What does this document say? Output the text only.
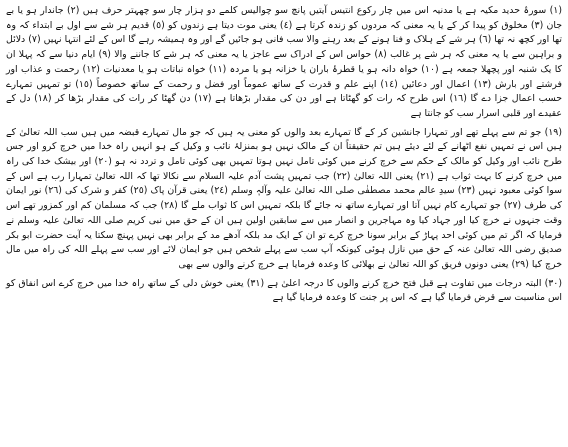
(١) سورۂ حدید مکیہ ہے یا مدنیہ اس میں چار رکوع انتیس آیتیں پانچ سو چوالیس کلمے دو ہزار چار سو چھہتر حرف ہیں (٢) جاندار ہو یا بے جان (٣) مخلوق کو پیدا کر کے یا یہ معنی کہ مردوں کو زندہ کرتا ہے (٤) یعنی موت دیتا ہے زندوں کو (٥) قدیم ہر شے سے اول بے ابتداء کہ وہ تھا اور کچھ نہ تھا (٦) ہر شے کے ہلاک و فنا ہونے کے بعد رہنے والا سب فانی ہو جائیں گے اور وہ ہمیشہ رہے گا اس کے لئے انتہا نہیں (٧) دلائل و براہین سے یا یہ معنی کہ ہر شے پر غالب (٨) حواس اس کے ادراک سے عاجز یا یہ معنی کہ ہر شے کا جاننے والا (٩) ایام دنیا سے کہ پہلا ان کا یک شنبہ اور پچھلا جمعہ ہے (١٠) خواہ دانہ ہو یا قطرۂ باران یا خزانہ ہو یا مردہ (١١) خواہ نباتات ہو یا معدنیات (١٢) رحمت و عذاب اور فرشتے اور بارش (١٣) اعمال اور دعائیں (١٤) اپنے علم و قدرت کے ساتھ عموماً اور فضل و رحمت کے ساتھ خصوصاً (١٥) تو تمہیں تمہارے حسب اعمال جزا دے گا (١٦) اس طرح کہ رات کو گھٹاتا ہے اور دن کی مقدار بڑھاتا ہے (١٧) دن گھٹا کر رات کی مقدار بڑھا کر (١٨) دل کے عقیدے اور قلبی اسرار سب کو جانتا ہے

(١٩) جو تم سے پہلے تھے اور تمہارا جانشین کر کے گا تمہارے بعد والوں کو معنی یہ ہیں کہ جو مال تمہارے قبضہ میں ہیں سب اللہ تعالیٰ کے ہیں اس نے تمہیں نفع اٹھانے کے لئے دیئے ہیں تم حقیقتاً ان کے مالک نہیں ہو بمنزلۂ نائب و وکیل کے ہو انہیں راہ خدا میں خرچ کرو اور جس طرح نائب اور وکیل کو مالک کے حکم سے خرچ کرنے میں کوئی تامل نہیں ہوتا تمہیں بھی کوئی تامل و تردد نہ ہو (٢٠) اور بیشک خدا کی راہ میں خرچ کرنے کا بہت ثواب ہے (٢١) یعنی اللہ تعالیٰ (٢٢) جب تمہیں پشت آدم علیہ السلام سے نکالا تھا کہ اللہ تعالیٰ تمہارا رب ہے اس کے سوا کوئی معبود نہیں (٢٣) سیدِ عالم محمد مصطفٰی صلی اللہ تعالیٰ علیہ وآلہٖ وسلم (٢٤) یعنی قرآن پاک (٢٥) کفر و شرک کی (٢٦) نور ایمان کی طرف (٢٧) جو تمہارے کام نہیں آتا اور تمہارے ساتھ نہ جائے گا بلکہ تمہیں اس کا ثواب ملے گا (٢٨) جب کہ مسلمان کم اور کمزور تھے اس وقت جنہوں نے خرچ کیا اور جہاد کیا وہ مہاجرین و انصار میں سے سابقین اولین ہیں ان کے حق میں نبی کریم صلی اللہ تعالیٰ علیہ وسلم نے فرمایا کہ اگر تم میں کوئی احد پہاڑ کے برابر سونا خرچ کرے تو ان کے ایک مد بلکہ آدھے مد کے برابر بھی نہیں پہنچ سکتا یہ آیت حضرت ابو بکر صدیق رضی اللہ تعالیٰ عنہ کے حق میں نازل ہوئی کیونکہ آپ سب سے پہلے شخص ہیں جو ایمان لائے اور سب سے پہلے اللہ کی راہ میں مال خرچ کیا (٢٩) یعنی دونوں فریق کو اللہ تعالیٰ نے بھلائی کا وعدہ فرمایا ہے خرچ کرنے والوں سے بھی

(٣٠) البتہ درجات میں تفاوت ہے قبل فتح خرچ کرنے والوں کا درجہ اعلیٰ ہے (٣١) یعنی خوش دلی کے ساتھ راہ خدا میں خرچ کرے اس انفاق کو اس مناسبت سے قرض فرمایا گیا ہے کہ اس پر جنت کا وعدہ فرمایا گیا ہے
